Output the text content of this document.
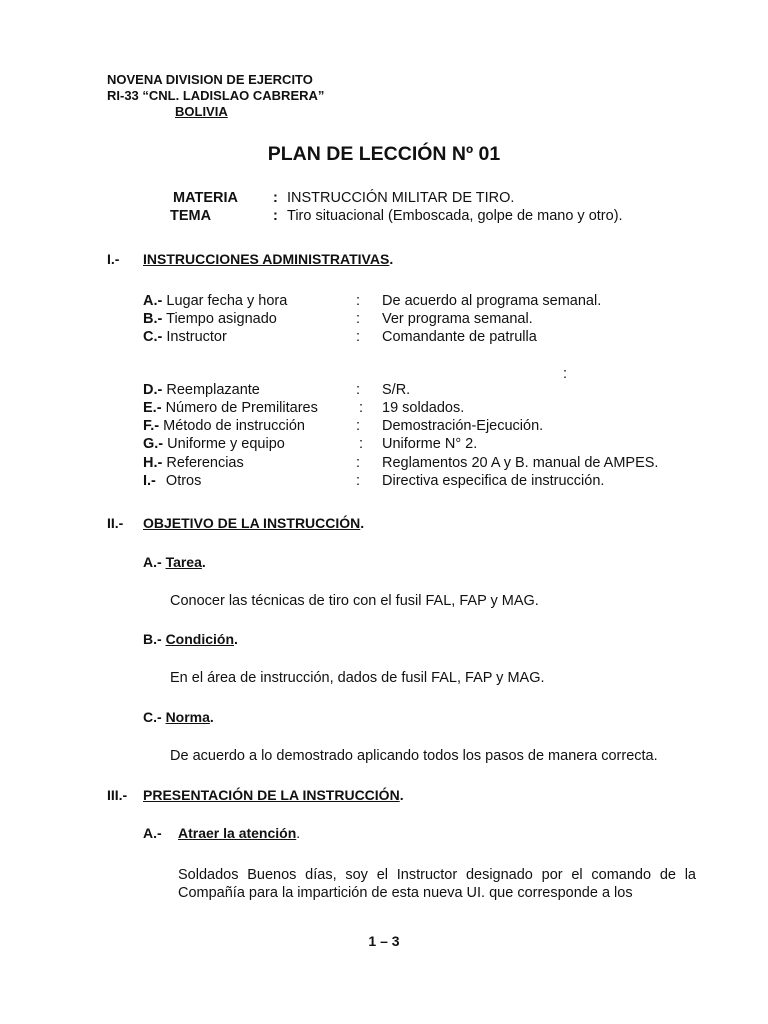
NOVENA DIVISION DE EJERCITO
RI-33 “CNL. LADISLAO CABRERA”
BOLIVIA
PLAN DE LECCIÓN Nº 01
MATERIA : INSTRUCCIÓN MILITAR DE TIRO.
TEMA	: Tiro situacional (Emboscada, golpe de mano y otro).
I.- INSTRUCCIONES ADMINISTRATIVAS.
A.- Lugar fecha y hora	: De acuerdo al programa semanal.
B.- Tiempo asignado	: Ver programa semanal.
C.- Instructor	: Comandante de patrulla
:
D.- Reemplazante	: S/R.
E.- Número de Premilitares	: 19 soldados.
F.- Método de instrucción	: Demostración-Ejecución.
G.- Uniforme y equipo	: Uniforme N° 2.
H.- Referencias	: Reglamentos 20 A y B. manual de AMPES.
I.- Otros	: Directiva especifica de instrucción.
II.- OBJETIVO DE LA INSTRUCCIÓN.
A.- Tarea.
Conocer las técnicas de tiro con el fusil FAL, FAP y MAG.
B.- Condición.
En el área de instrucción, dados de fusil FAL, FAP y MAG.
C.- Norma.
De acuerdo a lo demostrado aplicando todos los pasos de manera correcta.
III.- PRESENTACIÓN DE LA INSTRUCCIÓN.
A.- Atraer la atención.
Soldados Buenos días, soy el Instructor designado por el comando de la Compañía para la impartición de esta nueva UI. que corresponde a los
1 – 3
